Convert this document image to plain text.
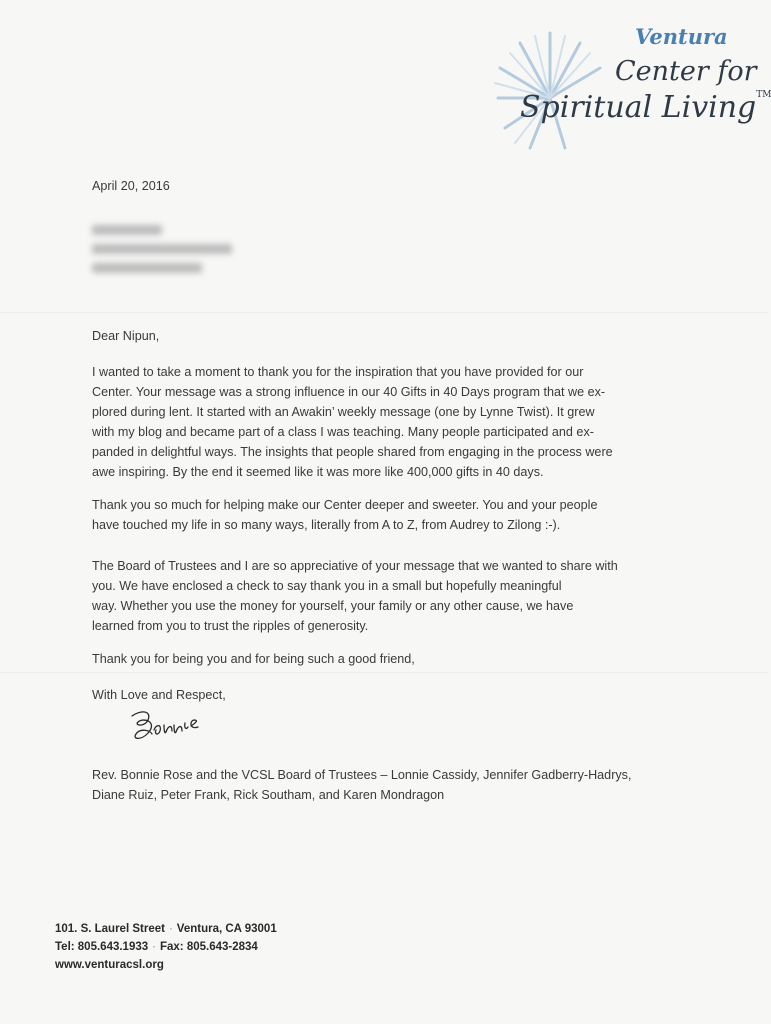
Ventura
Center for
Spiritual Living™
April 20, 2016
Dear Nipun,
I wanted to take a moment to thank you for the inspiration that you have provided for our
Center. Your message was a strong influence in our 40 Gifts in 40 Days program that we ex-
plored during lent. It started with an Awakin’ weekly message (one by Lynne Twist). It grew
with my blog and became part of a class I was teaching. Many people participated and ex-
panded in delightful ways. The insights that people shared from engaging in the process were
awe inspiring. By the end it seemed like it was more like 400,000 gifts in 40 days.
Thank you so much for helping make our Center deeper and sweeter. You and your people
have touched my life in so many ways, literally from A to Z, from Audrey to Zilong :-).
The Board of Trustees and I are so appreciative of your message that we wanted to share with
you. We have enclosed a check to say thank you in a small but hopefully meaningful
way. Whether you use the money for yourself, your family or any other cause, we have
learned from you to trust the ripples of generosity.
Thank you for being you and for being such a good friend,
With Love and Respect,
Rev. Bonnie Rose and the VCSL Board of Trustees – Lonnie Cassidy, Jennifer Gadberry-Hadrys,
Diane Ruiz, Peter Frank, Rick Southam, and Karen Mondragon
101. S. Laurel Street · Ventura, CA 93001
Tel: 805.643.1933 · Fax: 805.643-2834
www.venturacsl.org
